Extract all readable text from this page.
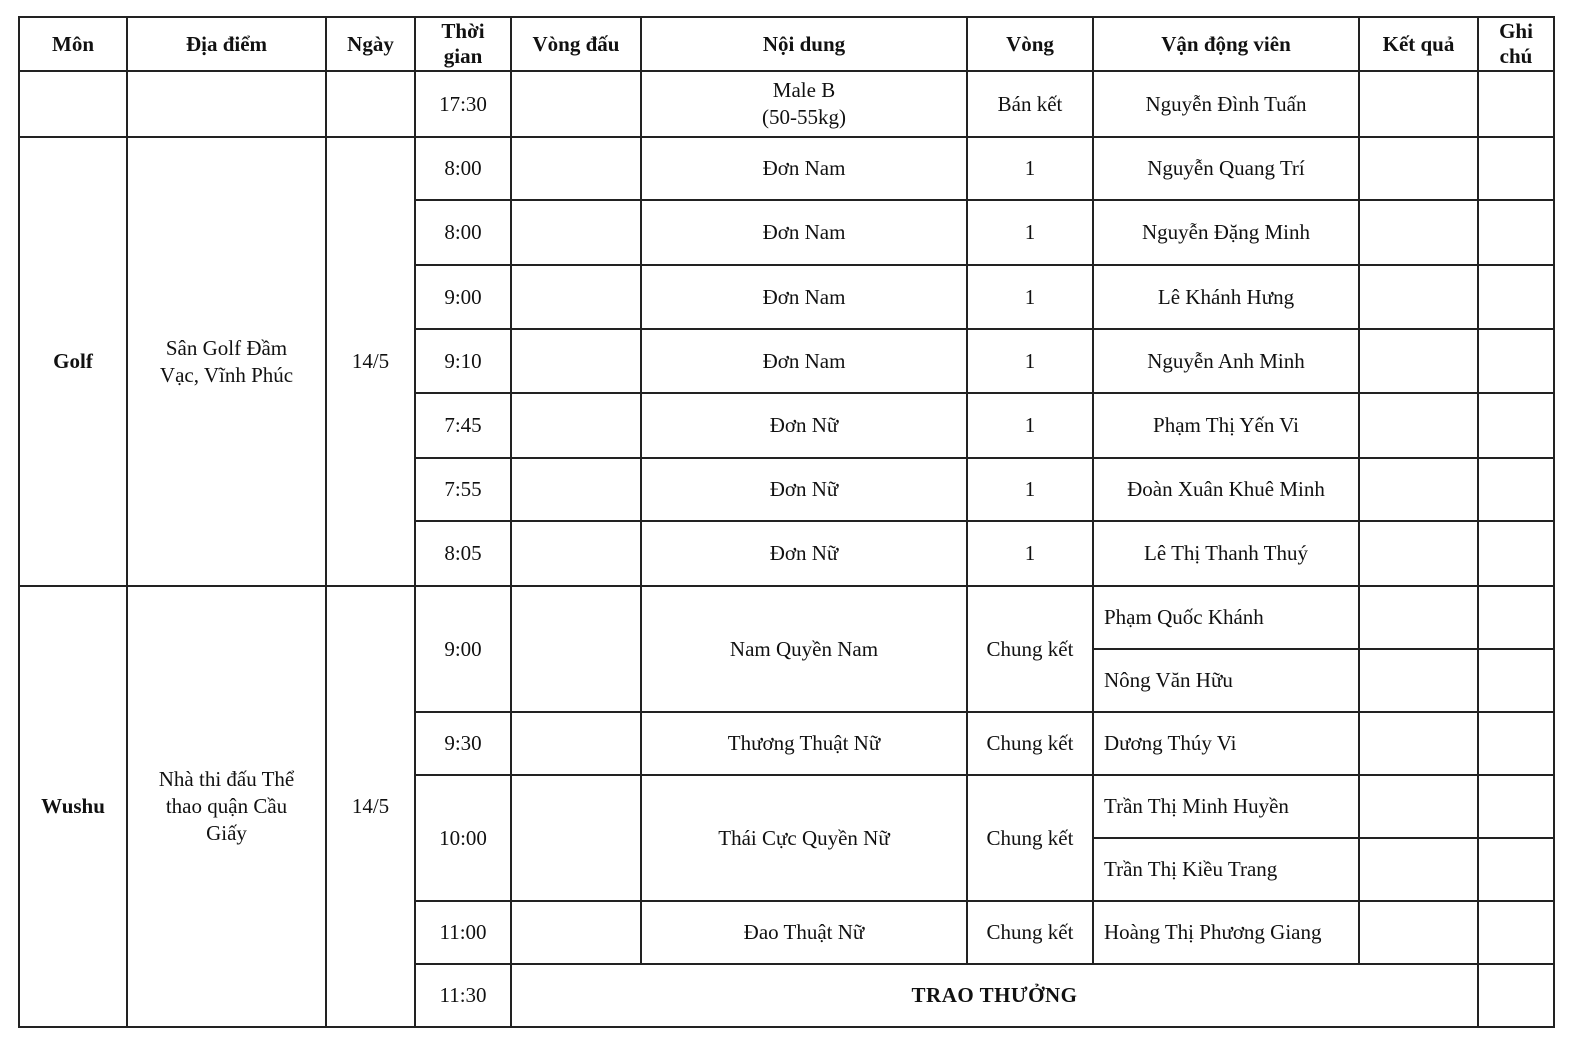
Môn	Địa điểm	Ngày	Thời gian	Vòng đấu	Nội dung	Vòng	Vận động viên	Kết quả	Ghi chú
			17:30		Male B (50-55kg)	Bán kết	Nguyễn Đình Tuấn		
Golf	Sân Golf Đầm Vạc, Vĩnh Phúc	14/5	8:00		Đơn Nam	1	Nguyễn Quang Trí		
			8:00		Đơn Nam	1	Nguyễn Đặng Minh		
			9:00		Đơn Nam	1	Lê Khánh Hưng		
			9:10		Đơn Nam	1	Nguyễn Anh Minh		
			7:45		Đơn Nữ	1	Phạm Thị Yến Vi		
			7:55		Đơn Nữ	1	Đoàn Xuân Khuê Minh		
			8:05		Đơn Nữ	1	Lê Thị Thanh Thuý		
Wushu	Nhà thi đấu Thể thao quận Cầu Giấy	14/5	9:00		Nam Quyền Nam	Chung kết	Phạm Quốc Khánh		
							Nông Văn Hữu		
			9:30		Thương Thuật Nữ	Chung kết	Dương Thúy Vi		
			10:00		Thái Cực Quyền Nữ	Chung kết	Trần Thị Minh Huyền		
							Trần Thị Kiều Trang		
			11:00		Đao Thuật Nữ	Chung kết	Hoàng Thị Phương Giang		
			11:30	TRAO THƯỞNG					
